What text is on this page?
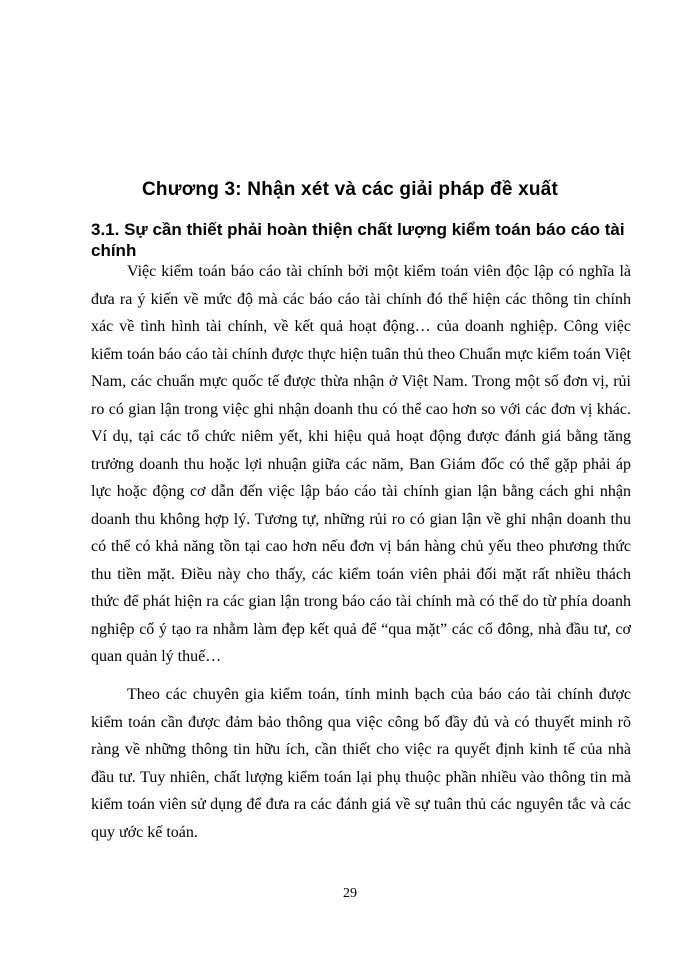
Chương 3: Nhận xét và các giải pháp đề xuất
3.1. Sự cần thiết phải hoàn thiện chất lượng kiểm toán báo cáo tài chính

Việc kiểm toán báo cáo tài chính bởi một kiểm toán viên độc lập có nghĩa là đưa ra ý kiến về mức độ mà các báo cáo tài chính đó thể hiện các thông tin chính xác về tình hình tài chính, về kết quả hoạt động… của doanh nghiệp. Công việc kiểm toán báo cáo tài chính được thực hiện tuân thủ theo Chuẩn mực kiểm toán Việt Nam, các chuẩn mực quốc tế được thừa nhận ở Việt Nam. Trong một số đơn vị, rủi ro có gian lận trong việc ghi nhận doanh thu có thể cao hơn so với các đơn vị khác. Ví dụ, tại các tổ chức niêm yết, khi hiệu quả hoạt động được đánh giá bằng tăng trưởng doanh thu hoặc lợi nhuận giữa các năm, Ban Giám đốc có thể gặp phải áp lực hoặc động cơ dẫn đến việc lập báo cáo tài chính gian lận bằng cách ghi nhận doanh thu không hợp lý. Tương tự, những rủi ro có gian lận về ghi nhận doanh thu có thể có khả năng tồn tại cao hơn nếu đơn vị bán hàng chủ yếu theo phương thức thu tiền mặt. Điều này cho thấy, các kiểm toán viên phải đối mặt rất nhiều thách thức để phát hiện ra các gian lận trong báo cáo tài chính mà có thể do từ phía doanh nghiệp cố ý tạo ra nhằm làm đẹp kết quả để “qua mặt” các cổ đông, nhà đầu tư, cơ quan quản lý thuế…

Theo các chuyên gia kiểm toán, tính minh bạch của báo cáo tài chính được kiểm toán cần được đảm bảo thông qua việc công bố đầy đủ và có thuyết minh rõ ràng về những thông tin hữu ích, cần thiết cho việc ra quyết định kinh tế của nhà đầu tư. Tuy nhiên, chất lượng kiểm toán lại phụ thuộc phần nhiều vào thông tin mà kiểm toán viên sử dụng để đưa ra các đánh giá về sự tuân thủ các nguyên tắc và các quy ước kế toán.

29
